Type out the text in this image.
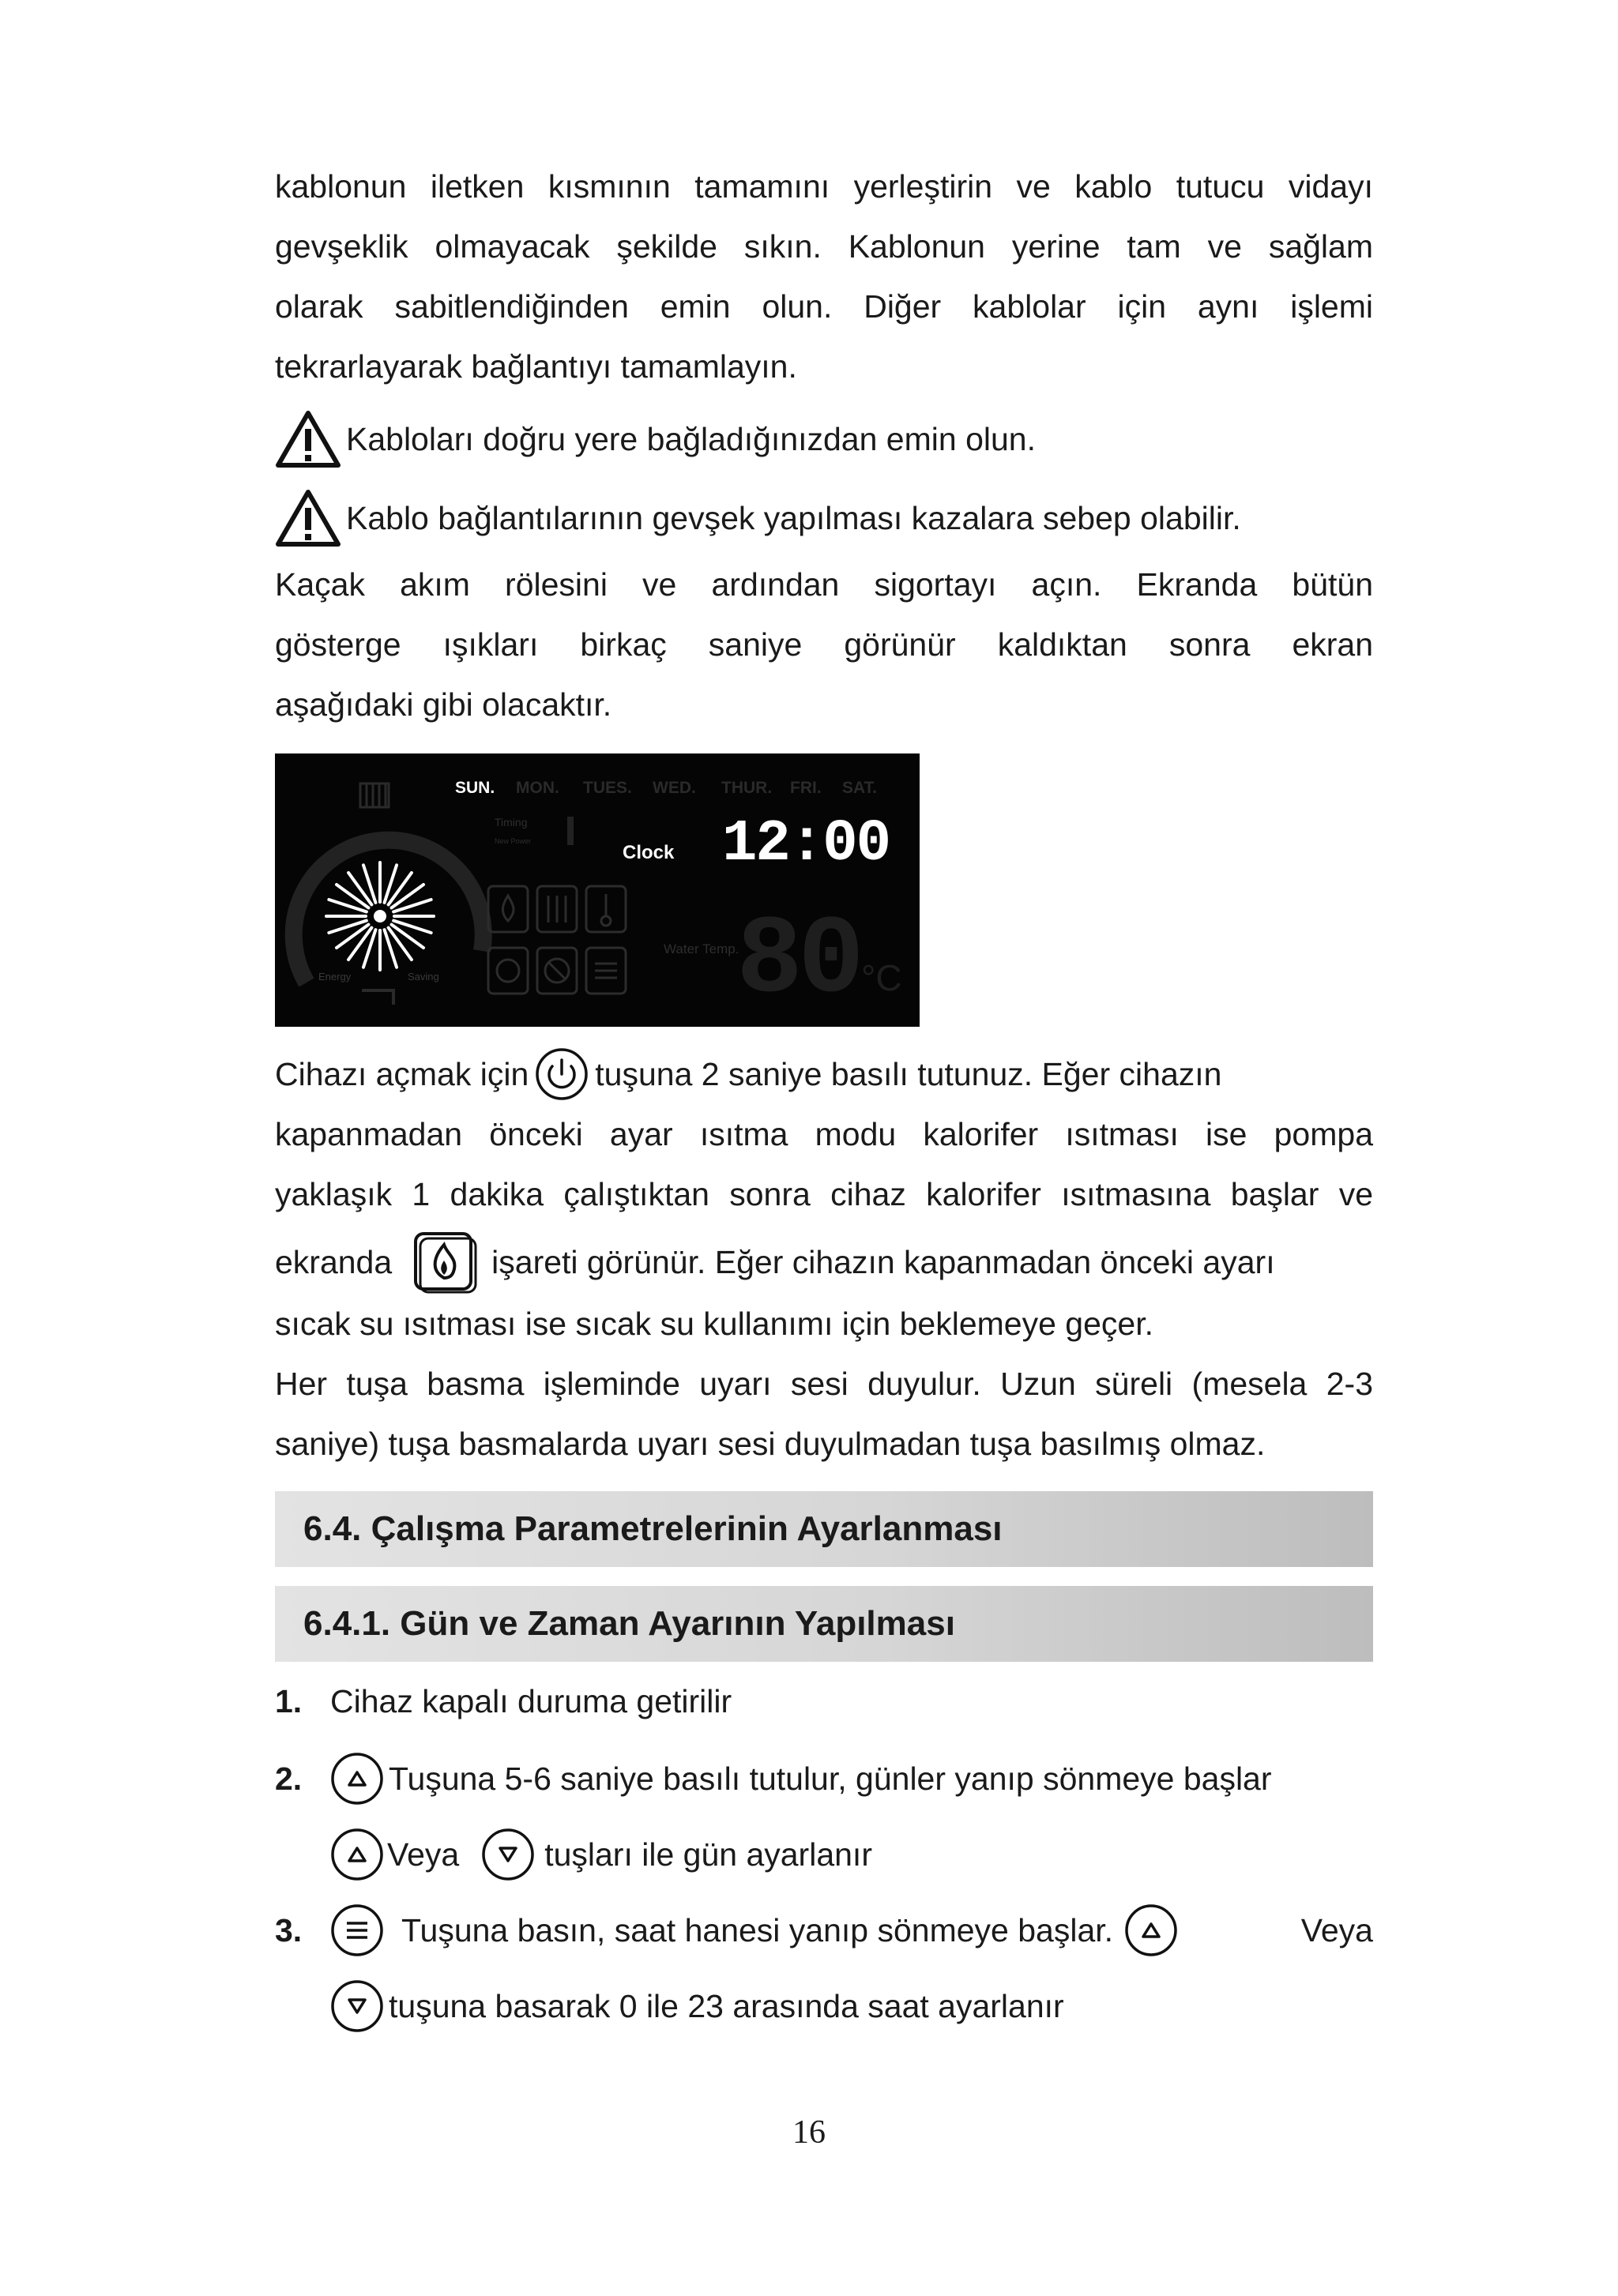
kablonun iletken kısmının tamamını yerleştirin ve kablo tutucu vidayı

gevşeklik olmayacak şekilde sıkın. Kablonun yerine tam ve sağlam

olarak sabitlendiğinden emin olun. Diğer kablolar için aynı işlemi

tekrarlayarak bağlantıyı tamamlayın.

Kabloları doğru yere bağladığınızdan emin olun.
Kablo bağlantılarının gevşek yapılması kazalara sebep olabilir.

Kaçak akım rölesini ve ardından sigortayı açın. Ekranda bütün

gösterge ışıkları birkaç saniye görünür kaldıktan sonra ekran

aşağıdaki gibi olacaktır.

Energy	Saving
SUN. MON. TUES. WED. THUR. FRI. SAT.
Timing
New Power
Clock 12:00
Water Temp.
80 °C

Cihazı açmak için tuşuna 2 saniye basılı tutunuz. Eğer cihazın

kapanmadan önceki ayar ısıtma modu kalorifer ısıtması ise pompa

yaklaşık 1 dakika çalıştıktan sonra cihaz kalorifer ısıtmasına başlar ve

ekranda	işareti görünür. Eğer cihazın kapanmadan önceki ayarı

sıcak su ısıtması ise sıcak su kullanımı için beklemeye geçer.

Her tuşa basma işleminde uyarı sesi duyulur. Uzun süreli (mesela 2-3

saniye) tuşa basmalarda uyarı sesi duyulmadan tuşa basılmış olmaz.

6.4. Çalışma Parametrelerinin Ayarlanması
6.4.1. Gün ve Zaman Ayarının Yapılması
1. Cihaz kapalı duruma getirilir
2.	Tuşuna 5-6 saniye basılı tutulur, günler yanıp sönmeye başlar
Veya	tuşları ile gün ayarlanır
3.	Tuşuna basın, saat hanesi yanıp sönmeye başlar.	Veya
tuşuna basarak 0 ile 23 arasında saat ayarlanır
16
